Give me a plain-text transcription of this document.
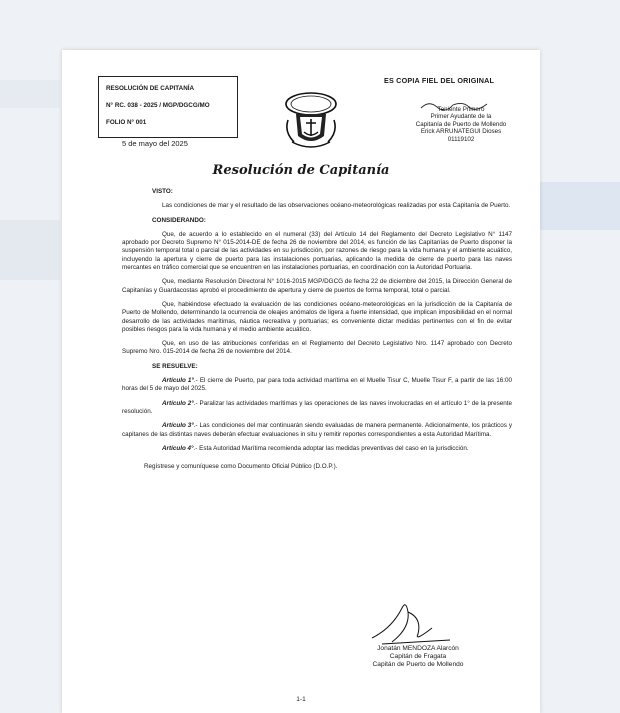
RESOLUCIÓN DE CAPITANÍA
N° RC. 038 - 2025 / MGP/DGCG/MO
FOLIO N° 001
5 de mayo del 2025
ES COPIA FIEL DEL ORIGINAL
Teniente Primero
Primer Ayudante de la
Capitanía de Puerto de Mollendo
Erick ARRUNATEGUI Dioses
01119102
Resolución de Capitanía

VISTO:

Las condiciones de mar y el resultado de las observaciones océano-meteorológicas realizadas por esta Capitanía de Puerto.

CONSIDERANDO:

Que, de acuerdo a lo establecido en el numeral (33) del Artículo 14 del Reglamento del Decreto Legislativo N° 1147 aprobado por Decreto Supremo N° 015-2014-DE de fecha 26 de noviembre del 2014, es función de las Capitanías de Puerto disponer la suspensión temporal total o parcial de las actividades en su jurisdicción, por razones de riesgo para la vida humana y el ambiente acuático, incluyendo la apertura y cierre de puerto para las instalaciones portuarias, aplicando la medida de cierre de puerto para las naves mercantes en tráfico comercial que se encuentren en las instalaciones portuarias, en coordinación con la Autoridad Portuaria.

Que, mediante Resolución Directoral N° 1016-2015 MGP/DGCG de fecha 22 de diciembre del 2015, la Dirección General de Capitanías y Guardacostas aprobó el procedimiento de apertura y cierre de puertos de forma temporal, total o parcial.

Que, habiéndose efectuado la evaluación de las condiciones océano-meteorológicas en la jurisdicción de la Capitanía de Puerto de Mollendo, determinando la ocurrencia de oleajes anómalos de ligera a fuerte intensidad, que implican imposibilidad en el normal desarrollo de las actividades marítimas, náutica recreativa y portuarias; es conveniente dictar medidas pertinentes con el fin de evitar posibles riesgos para la vida humana y el medio ambiente acuático.

Que, en uso de las atribuciones conferidas en el Reglamento del Decreto Legislativo Nro. 1147 aprobado con Decreto Supremo Nro. 015-2014 de fecha 26 de noviembre del 2014.

SE RESUELVE:

Artículo 1°.- El cierre de Puerto, par para toda actividad marítima en el Muelle Tisur C, Muelle Tisur F, a partir de las 16:00 horas del 5 de mayo del 2025.

Artículo 2°.- Paralizar las actividades marítimas y las operaciones de las naves involucradas en el artículo 1° de la presente resolución.

Artículo 3°.- Las condiciones del mar continuarán siendo evaluadas de manera permanente. Adicionalmente, los prácticos y capitanes de las distintas naves deberán efectuar evaluaciones in situ y remitir reportes correspondientes a esta Autoridad Marítima.

Artículo 4°.- Esta Autoridad Marítima recomienda adoptar las medidas preventivas del caso en la jurisdicción.

Regístrese y comuníquese como Documento Oficial Público (D.O.P.).

Jonatán MENDOZA Alarcón
Capitán de Fragata
Capitán de Puerto de Mollendo
1-1
